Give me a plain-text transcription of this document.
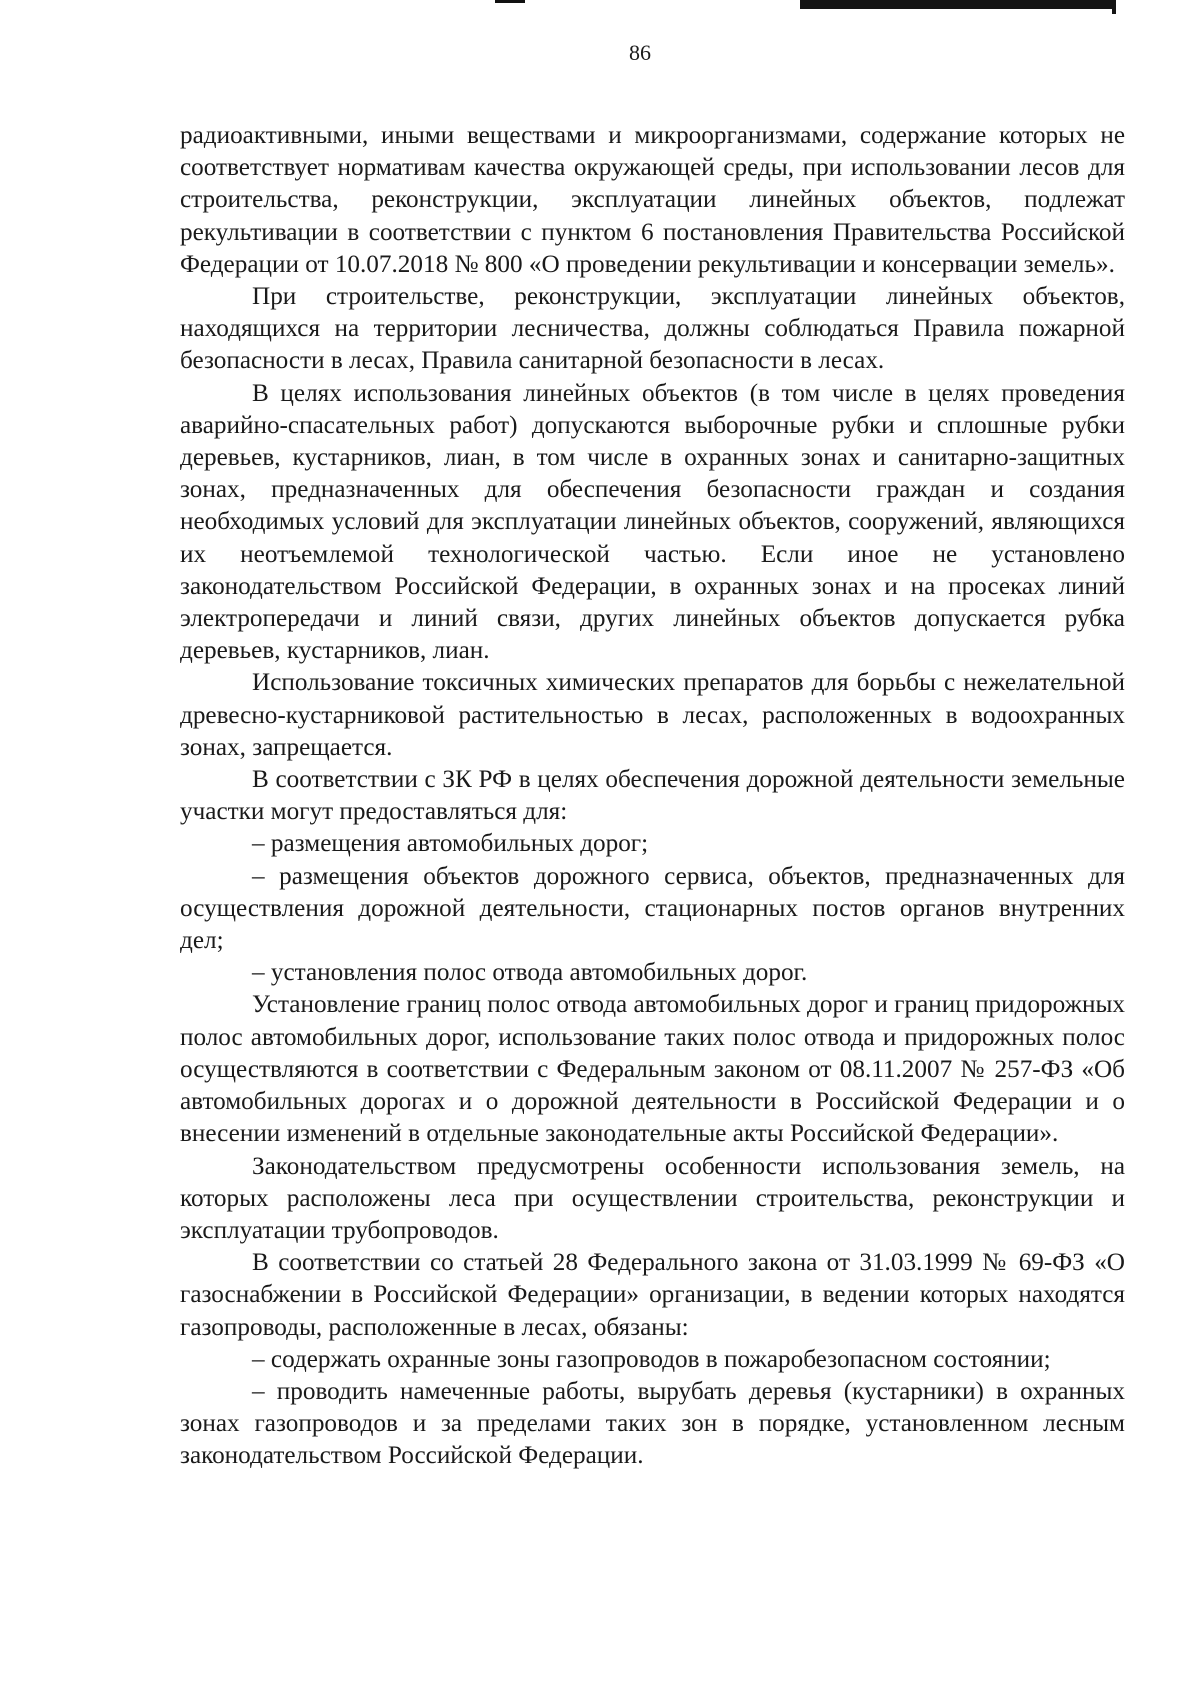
86

радиоактивными, иными веществами и микроорганизмами, содержание которых не соответствует нормативам качества окружающей среды, при использовании лесов для строительства, реконструкции, эксплуатации линейных объектов, подлежат рекультивации в соответствии с пунктом 6 постановления Правительства Российской Федерации от 10.07.2018 № 800 «О проведении рекультивации и консервации земель».

При строительстве, реконструкции, эксплуатации линейных объектов, находящихся на территории лесничества, должны соблюдаться Правила пожарной безопасности в лесах, Правила санитарной безопасности в лесах.

В целях использования линейных объектов (в том числе в целях проведения аварийно-спасательных работ) допускаются выборочные рубки и сплошные рубки деревьев, кустарников, лиан, в том числе в охранных зонах и санитарно-защитных зонах, предназначенных для обеспечения безопасности граждан и создания необходимых условий для эксплуатации линейных объектов, сооружений, являющихся их неотъемлемой технологической частью. Если иное не установлено законодательством Российской Федерации, в охранных зонах и на просеках линий электропередачи и линий связи, других линейных объектов допускается рубка деревьев, кустарников, лиан.

Использование токсичных химических препаратов для борьбы с нежелательной древесно-кустарниковой растительностью в лесах, расположенных в водоохранных зонах, запрещается.

В соответствии с ЗК РФ в целях обеспечения дорожной деятельности земельные участки могут предоставляться для:

– размещения автомобильных дорог;

– размещения объектов дорожного сервиса, объектов, предназначенных для осуществления дорожной деятельности, стационарных постов органов внутренних дел;

– установления полос отвода автомобильных дорог.

Установление границ полос отвода автомобильных дорог и границ придорожных полос автомобильных дорог, использование таких полос отвода и придорожных полос осуществляются в соответствии с Федеральным законом от 08.11.2007 № 257-ФЗ «Об автомобильных дорогах и о дорожной деятельности в Российской Федерации и о внесении изменений в отдельные законодательные акты Российской Федерации».

Законодательством предусмотрены особенности использования земель, на которых расположены леса при осуществлении строительства, реконструкции и эксплуатации трубопроводов.

В соответствии со статьей 28 Федерального закона от 31.03.1999 № 69-ФЗ «О газоснабжении в Российской Федерации» организации, в ведении которых находятся газопроводы, расположенные в лесах, обязаны:

– содержать охранные зоны газопроводов в пожаробезопасном состоянии;

– проводить намеченные работы, вырубать деревья (кустарники) в охранных зонах газопроводов и за пределами таких зон в порядке, установленном лесным законодательством Российской Федерации.
